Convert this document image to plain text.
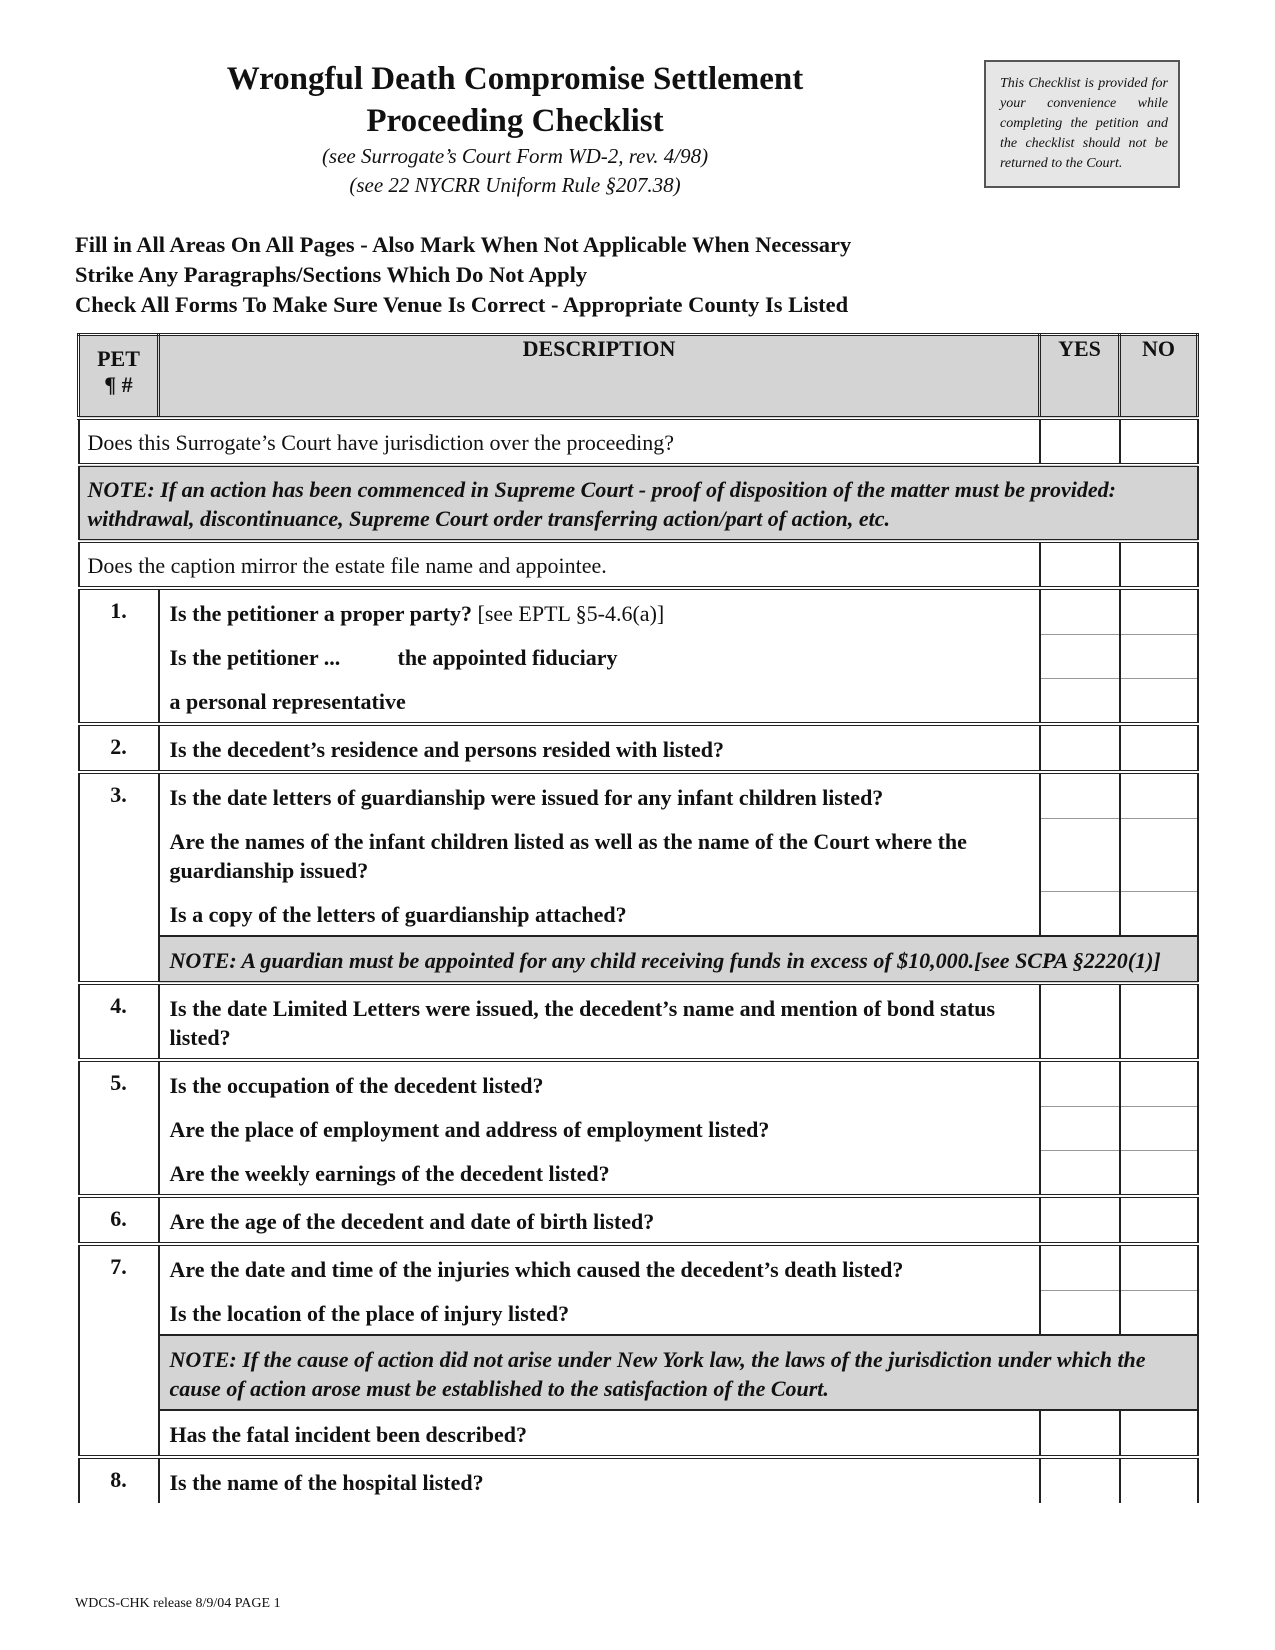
Wrongful Death Compromise Settlement
Proceeding Checklist
(see Surrogate’s Court Form WD-2, rev. 4/98)
(see 22 NYCRR Uniform Rule §207.38)
This Checklist is provided for your convenience while completing the petition and the checklist should not be returned to the Court.
Fill in All Areas On All Pages - Also Mark When Not Applicable When Necessary
Strike Any Paragraphs/Sections Which Do Not Apply
Check All Forms To Make Sure Venue Is Correct - Appropriate County Is Listed
PET
¶ #	DESCRIPTION	YES	NO
Does this Surrogate’s Court have jurisdiction over the proceeding?			
NOTE: If an action has been commenced in Supreme Court - proof of disposition of the matter must be provided: withdrawal, discontinuance, Supreme Court order transferring action/part of action, etc.			
Does the caption mirror the estate file name and appointee.			
1.	Is the petitioner a proper party? [see EPTL §5-4.6(a)]		
	Is the petitioner ... the appointed fiduciary		
	a personal representative		
2.	Is the decedent’s residence and persons resided with listed?		
3.	Is the date letters of guardianship were issued for any infant children listed?		
	Are the names of the infant children listed as well as the name of the Court where the guardianship issued?		
	Is a copy of the letters of guardianship attached?		
	NOTE: A guardian must be appointed for any child receiving funds in excess of $10,000.[see SCPA §2220(1)]		
4.	Is the date Limited Letters were issued, the decedent’s name and mention of bond status listed?		
5.	Is the occupation of the decedent listed?		
	Are the place of employment and address of employment listed?		
	Are the weekly earnings of the decedent listed?		
6.	Are the age of the decedent and date of birth listed?		
7.	Are the date and time of the injuries which caused the decedent’s death listed?		
	Is the location of the place of injury listed?		
	NOTE: If the cause of action did not arise under New York law, the laws of the jurisdiction under which the cause of action arose must be established to the satisfaction of the Court.		
	Has the fatal incident been described?		
8.	Is the name of the hospital listed?		
WDCS-CHK release 8/9/04 PAGE 1
